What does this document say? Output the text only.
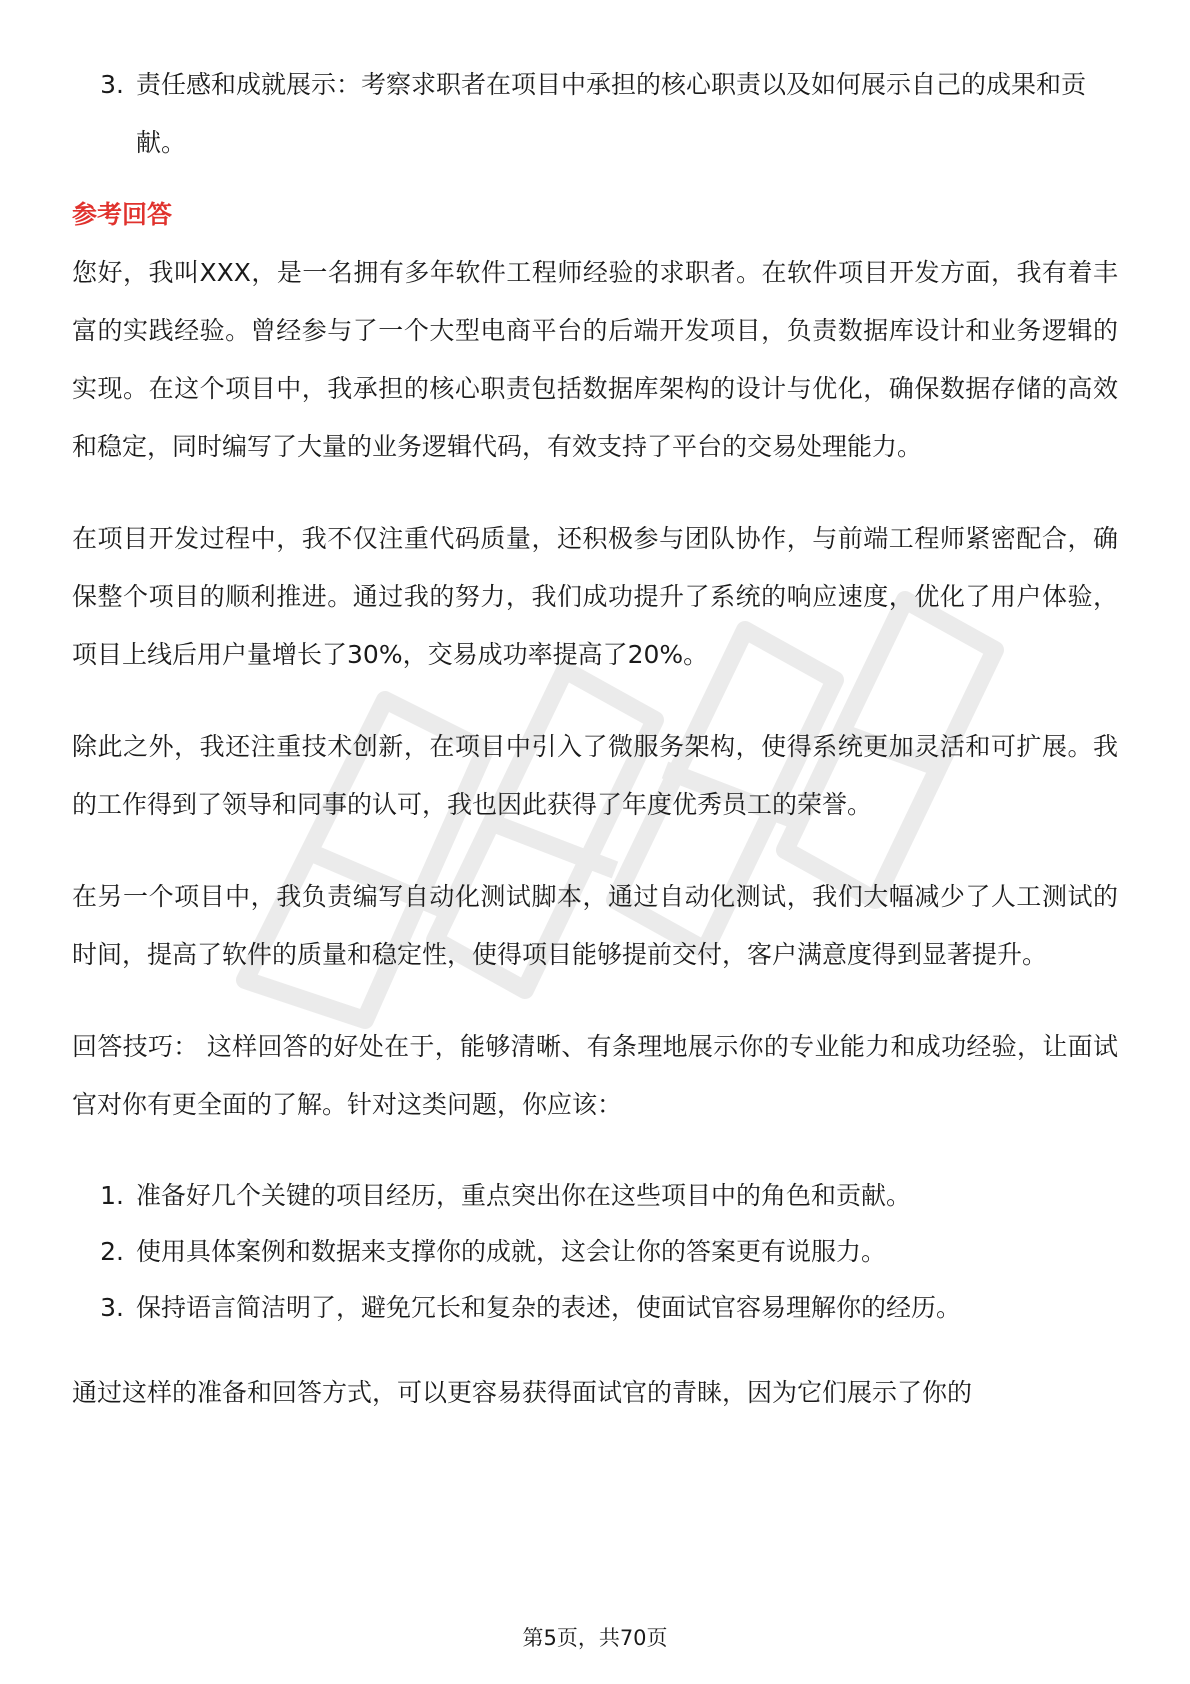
3. 责任感和成就展示：考察求职者在项目中承担的核心职责以及如何展示自己的成果和贡献。
参考回答

您好，我叫XXX，是一名拥有多年软件工程师经验的求职者。在软件项目开发方面，我有着丰富的实践经验。曾经参与了一个大型电商平台的后端开发项目，负责数据库设计和业务逻辑的实现。在这个项目中，我承担的核心职责包括数据库架构的设计与优化，确保数据存储的高效和稳定，同时编写了大量的业务逻辑代码，有效支持了平台的交易处理能力。

在项目开发过程中，我不仅注重代码质量，还积极参与团队协作，与前端工程师紧密配合，确保整个项目的顺利推进。通过我的努力，我们成功提升了系统的响应速度，优化了用户体验，项目上线后用户量增长了30%，交易成功率提高了20%。

除此之外，我还注重技术创新，在项目中引入了微服务架构，使得系统更加灵活和可扩展。我的工作得到了领导和同事的认可，我也因此获得了年度优秀员工的荣誉。

在另一个项目中，我负责编写自动化测试脚本，通过自动化测试，我们大幅减少了人工测试的时间，提高了软件的质量和稳定性，使得项目能够提前交付，客户满意度得到显著提升。

回答技巧： 这样回答的好处在于，能够清晰、有条理地展示你的专业能力和成功经验，让面试官对你有更全面的了解。针对这类问题，你应该：

1. 准备好几个关键的项目经历，重点突出你在这些项目中的角色和贡献。
2. 使用具体案例和数据来支撑你的成就，这会让你的答案更有说服力。
3. 保持语言简洁明了，避免冗长和复杂的表述，使面试官容易理解你的经历。

通过这样的准备和回答方式，可以更容易获得面试官的青睐，因为它们展示了你的

第5页，共70页
